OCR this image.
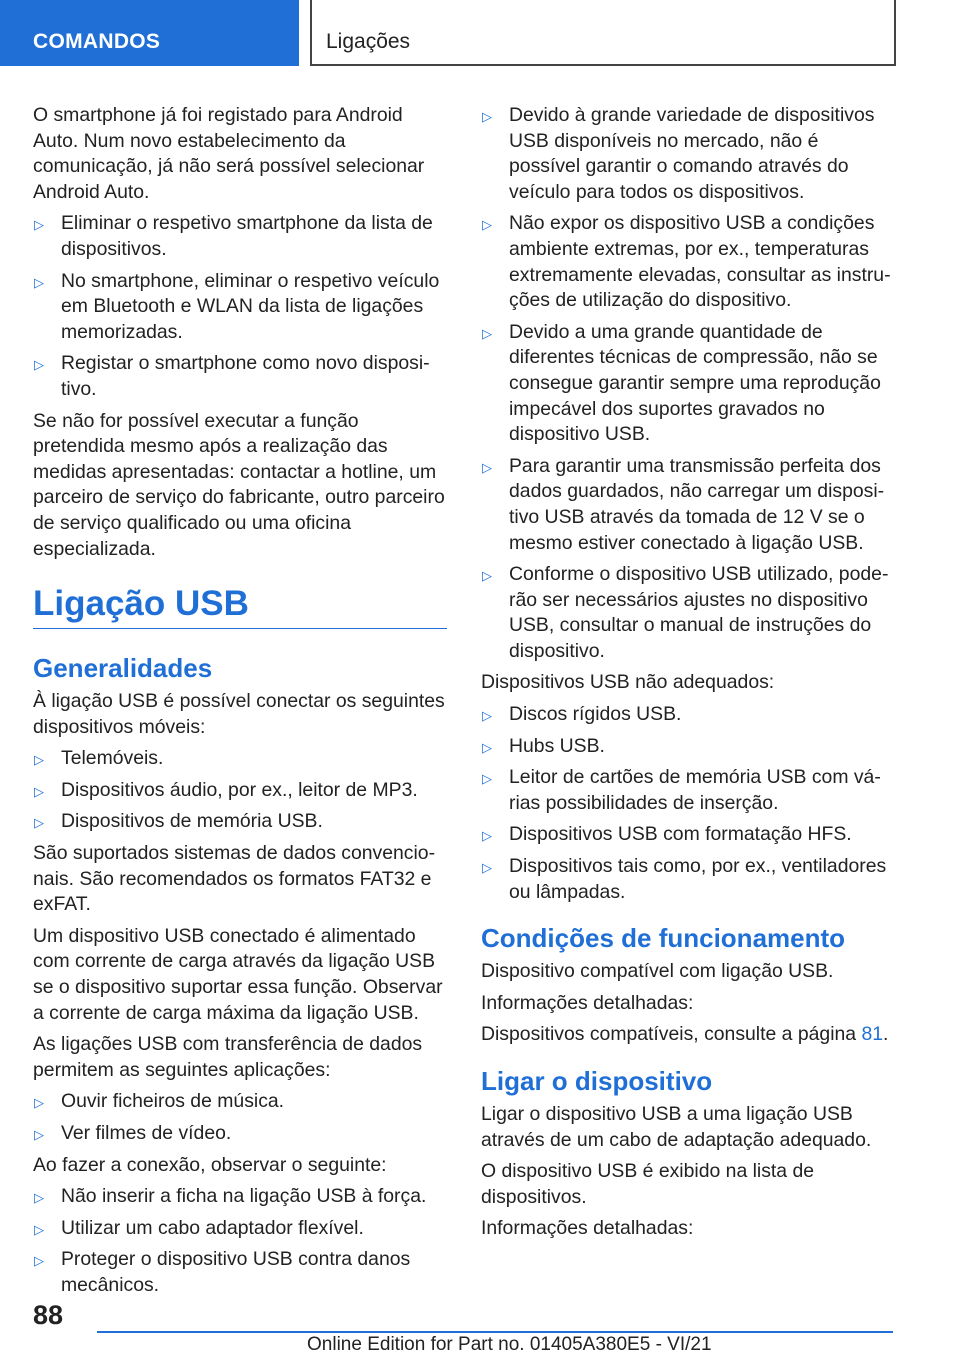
COMANDOS	Ligações
O smartphone já foi registado para Android Auto. Num novo estabelecimento da comunicação, já não será possível selecionar Android Auto.
▷ Eliminar o respetivo smartphone da lista de dispositivos.
▷ No smartphone, eliminar o respetivo veículo em Bluetooth e WLAN da lista de ligações memorizadas.
▷ Registar o smartphone como novo dispositivo.
Se não for possível executar a função pretendida mesmo após a realização das medidas apresentadas: contactar a hotline, um parceiro de serviço do fabricante, outro parceiro de serviço qualificado ou uma oficina especializada.
Ligação USB
Generalidades
À ligação USB é possível conectar os seguintes dispositivos móveis:
▷ Telemóveis.
▷ Dispositivos áudio, por ex., leitor de MP3.
▷ Dispositivos de memória USB.
São suportados sistemas de dados convencionais. São recomendados os formatos FAT32 e exFAT.
Um dispositivo USB conectado é alimentado com corrente de carga através da ligação USB se o dispositivo suportar essa função. Observar a corrente de carga máxima da ligação USB.
As ligações USB com transferência de dados permitem as seguintes aplicações:
▷ Ouvir ficheiros de música.
▷ Ver filmes de vídeo.
Ao fazer a conexão, observar o seguinte:
▷ Não inserir a ficha na ligação USB à força.
▷ Utilizar um cabo adaptador flexível.
▷ Proteger o dispositivo USB contra danos mecânicos.
▷ Devido à grande variedade de dispositivos USB disponíveis no mercado, não é possível garantir o comando através do veículo para todos os dispositivos.
▷ Não expor os dispositivo USB a condições ambiente extremas, por ex., temperaturas extremamente elevadas, consultar as instruções de utilização do dispositivo.
▷ Devido a uma grande quantidade de diferentes técnicas de compressão, não se consegue garantir sempre uma reprodução impecável dos suportes gravados no dispositivo USB.
▷ Para garantir uma transmissão perfeita dos dados guardados, não carregar um dispositivo USB através da tomada de 12 V se o mesmo estiver conectado à ligação USB.
▷ Conforme o dispositivo USB utilizado, poderão ser necessários ajustes no dispositivo USB, consultar o manual de instruções do dispositivo.
Dispositivos USB não adequados:
▷ Discos rígidos USB.
▷ Hubs USB.
▷ Leitor de cartões de memória USB com várias possibilidades de inserção.
▷ Dispositivos USB com formatação HFS.
▷ Dispositivos tais como, por ex., ventiladores ou lâmpadas.
Condições de funcionamento
Dispositivo compatível com ligação USB.
Informações detalhadas:
Dispositivos compatíveis, consulte a página 81.
Ligar o dispositivo
Ligar o dispositivo USB a uma ligação USB através de um cabo de adaptação adequado.
O dispositivo USB é exibido na lista de dispositivos.
Informações detalhadas:
88
Online Edition for Part no. 01405A380E5 - VI/21
